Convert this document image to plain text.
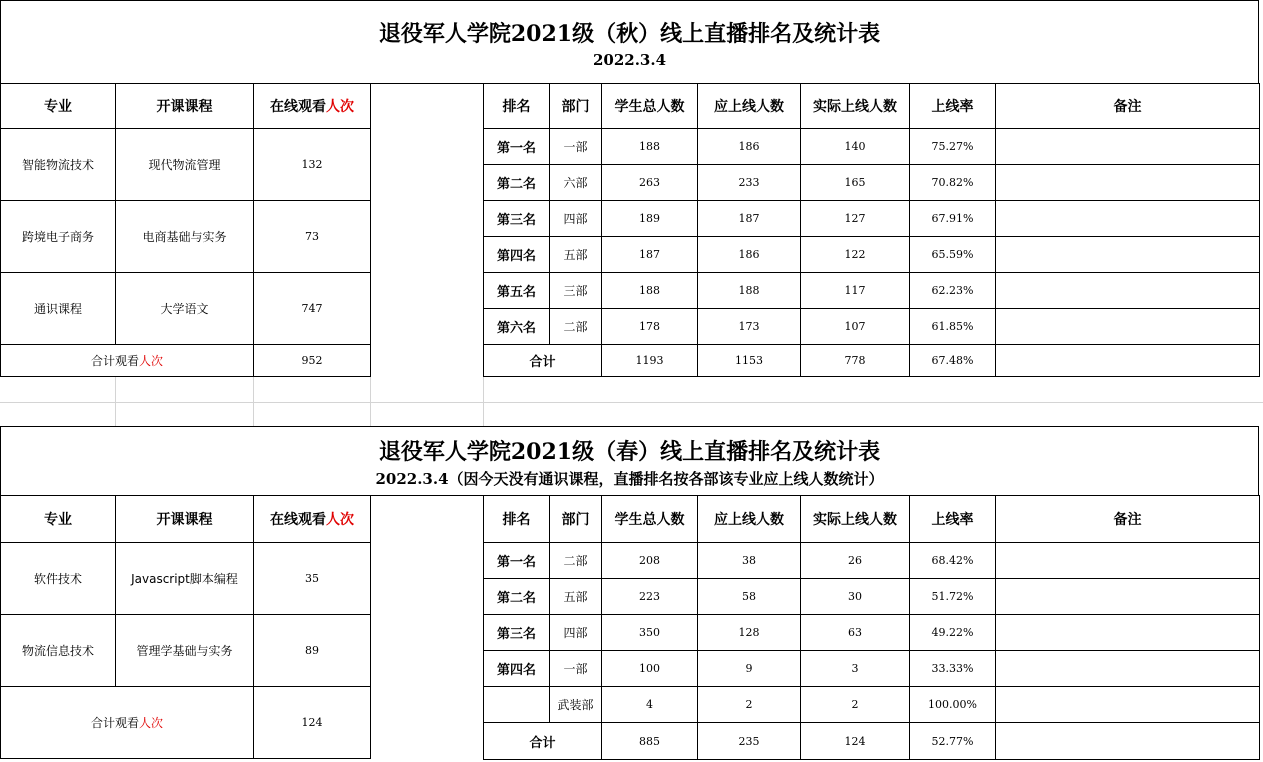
退役军人学院2021级（秋）线上直播排名及统计表
2022.3.4
专业	开课课程	在线观看人次
智能物流技术	现代物流管理	132
跨境电子商务	电商基础与实务	73
通识课程	大学语文	747
合计观看人次		952
排名	部门	学生总人数	应上线人数	实际上线人数	上线率	备注
第一名	一部	188	186	140	75.27%	
第二名	六部	263	233	165	70.82%	
第三名	四部	189	187	127	67.91%	
第四名	五部	187	186	122	65.59%	
第五名	三部	188	188	117	62.23%	
第六名	二部	178	173	107	61.85%	
合计		1193	1153	778	67.48%	
退役军人学院2021级（春）线上直播排名及统计表
2022.3.4（因今天没有通识课程，直播排名按各部该专业应上线人数统计）
专业	开课课程	在线观看人次
软件技术	Javascript脚本编程	35
物流信息技术	管理学基础与实务	89
合计观看人次		124
排名	部门	学生总人数	应上线人数	实际上线人数	上线率	备注
第一名	二部	208	38	26	68.42%	
第二名	五部	223	58	30	51.72%	
第三名	四部	350	128	63	49.22%	
第四名	一部	100	9	3	33.33%	
	武装部	4	2	2	100.00%	
合计		885	235	124	52.77%	
